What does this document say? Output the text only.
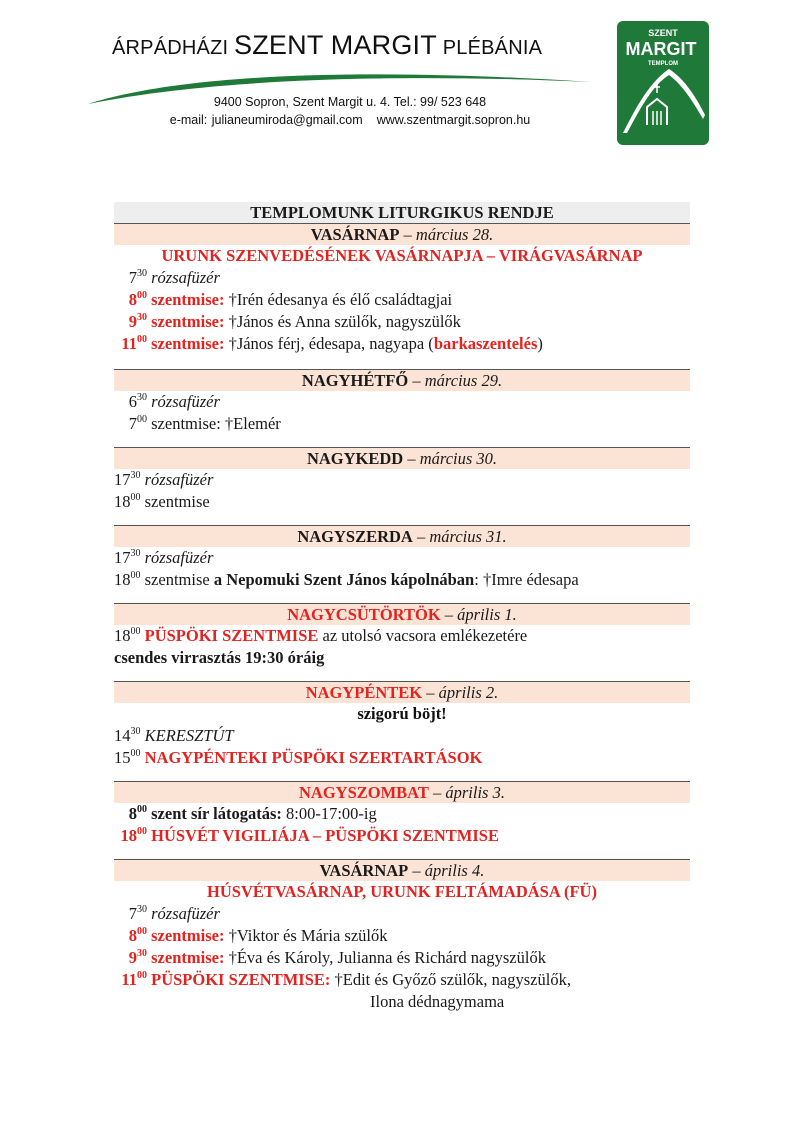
ÁRPÁDHÁZI SZENT MARGIT PLÉBÁNIA
9400 Sopron, Szent Margit u. 4. Tel.: 99/ 523 648
e-mail: julianeumiroda@gmail.com www.szentmargit.sopron.hu
SZENT
MARGIT
TEMPLOM
TEMPLOMUNK LITURGIKUS RENDJE
VASÁRNAP – március 28.
URUNK SZENVEDÉSÉNEK VASÁRNAPJA – VIRÁGVASÁRNAP
$7^{30}$ rózsafüzér
$8^{00}$ szentmise: †Irén édesanya és élő családtagjai
$9^{30}$ szentmise: †János és Anna szülők, nagyszülők
$11^{00}$ szentmise: †János férj, édesapa, nagyapa (barkaszentelés)
NAGYHÉTFŐ – március 29.
$6^{30}$ rózsafüzér
$7^{00}$ szentmise: †Elemér
NAGYKEDD – március 30.
$17^{30}$ rózsafüzér
$18^{00}$ szentmise
NAGYSZERDA – március 31.
$17^{30}$ rózsafüzér
$18^{00}$ szentmise a Nepomuki Szent János kápolnában: †Imre édesapa
NAGYCSÜTÖRTÖK – április 1.
$18^{00}$ PÜSPÖKI SZENTMISE az utolsó vacsora emlékezetére
csendes virrasztás 19:30 óráig
NAGYPÉNTEK – április 2.
szigorú böjt!
$14^{30}$ KERESZTÚT
$15^{00}$ NAGYPÉNTEKI PÜSPÖKI SZERTARTÁSOK
NAGYSZOMBAT – április 3.
$8^{00}$ szent sír látogatás: 8:00-17:00-ig
$18^{00}$ HÚSVÉT VIGILIÁJA – PÜSPÖKI SZENTMISE
VASÁRNAP – április 4.
HÚSVÉTVASÁRNAP, URUNK FELTÁMADÁSA (FÜ)
$7^{30}$ rózsafüzér
$8^{00}$ szentmise: †Viktor és Mária szülők
$9^{30}$ szentmise: †Éva és Károly, Julianna és Richárd nagyszülők
$11^{00}$ PÜSPÖKI SZENTMISE: †Edit és Győző szülők, nagyszülők,
Ilona dédnagymama
